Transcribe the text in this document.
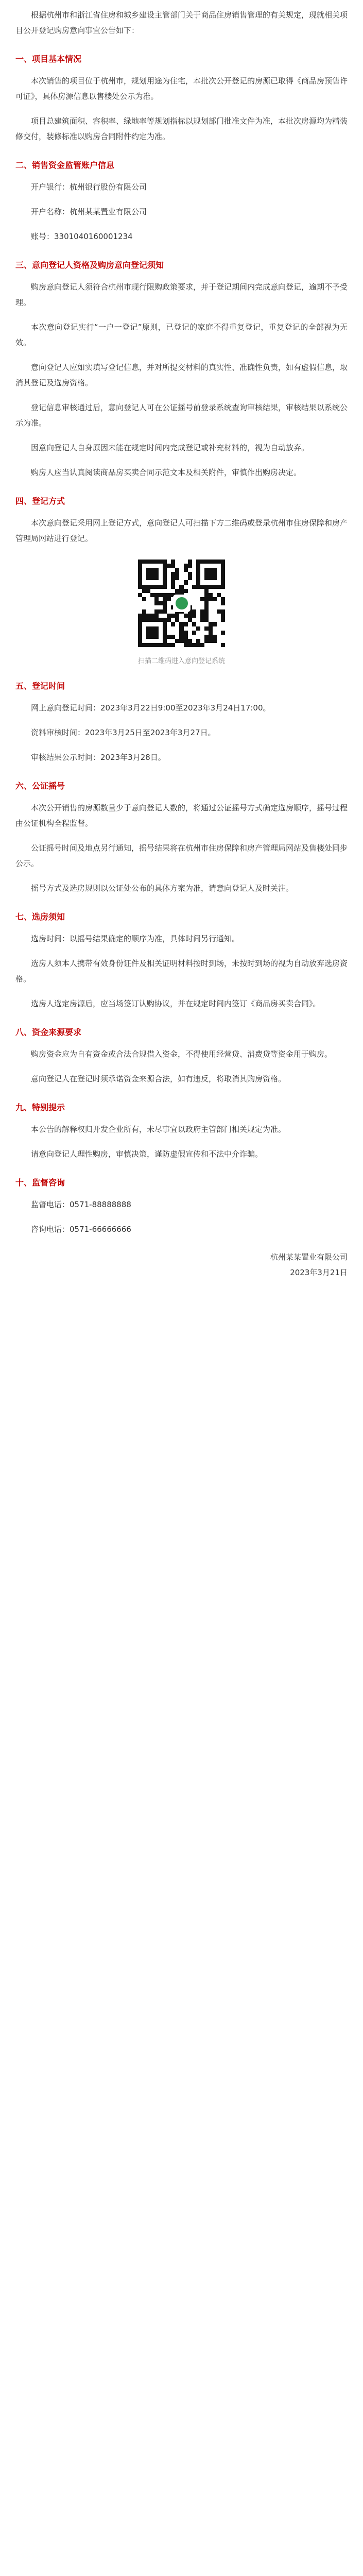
根据杭州市和浙江省住房和城乡建设主管部门关于商品住房销售管理的有关规定，现就相关项目公开登记购房意向事宜公告如下：

一、项目基本情况

本次销售的项目位于杭州市，规划用途为住宅，本批次公开登记的房源已取得《商品房预售许可证》，具体房源信息以售楼处公示为准。

项目总建筑面积、容积率、绿地率等规划指标以规划部门批准文件为准，本批次房源均为精装修交付，装修标准以购房合同附件约定为准。

二、销售资金监管账户信息

开户银行：杭州银行股份有限公司

开户名称：杭州某某置业有限公司

账号：3301040160001234

三、意向登记人资格及购房意向登记须知

购房意向登记人须符合杭州市现行限购政策要求，并于登记期间内完成意向登记，逾期不予受理。

本次意向登记实行“一户一登记”原则，已登记的家庭不得重复登记，重复登记的全部视为无效。

意向登记人应如实填写登记信息，并对所提交材料的真实性、准确性负责，如有虚假信息，取消其登记及选房资格。

登记信息审核通过后，意向登记人可在公证摇号前登录系统查询审核结果，审核结果以系统公示为准。

因意向登记人自身原因未能在规定时间内完成登记或补充材料的，视为自动放弃。

购房人应当认真阅读商品房买卖合同示范文本及相关附件，审慎作出购房决定。

四、登记方式

本次意向登记采用网上登记方式，意向登记人可扫描下方二维码或登录杭州市住房保障和房产管理局网站进行登记。

扫描二维码进入意向登记系统
五、登记时间

网上意向登记时间：2023年3月22日9:00至2023年3月24日17:00。

资料审核时间：2023年3月25日至2023年3月27日。

审核结果公示时间：2023年3月28日。

六、公证摇号

本次公开销售的房源数量少于意向登记人数的，将通过公证摇号方式确定选房顺序，摇号过程由公证机构全程监督。

公证摇号时间及地点另行通知，摇号结果将在杭州市住房保障和房产管理局网站及售楼处同步公示。

摇号方式及选房规则以公证处公布的具体方案为准，请意向登记人及时关注。

七、选房须知

选房时间：以摇号结果确定的顺序为准，具体时间另行通知。

选房人须本人携带有效身份证件及相关证明材料按时到场，未按时到场的视为自动放弃选房资格。

选房人选定房源后，应当场签订认购协议，并在规定时间内签订《商品房买卖合同》。

八、资金来源要求

购房资金应为自有资金或合法合规借入资金，不得使用经营贷、消费贷等资金用于购房。

意向登记人在登记时须承诺资金来源合法，如有违反，将取消其购房资格。

九、特别提示

本公告的解释权归开发企业所有，未尽事宜以政府主管部门相关规定为准。

请意向登记人理性购房，审慎决策，谨防虚假宣传和不法中介诈骗。

十、监督咨询

监督电话：0571-88888888

咨询电话：0571-66666666

杭州某某置业有限公司
2023年3月21日
